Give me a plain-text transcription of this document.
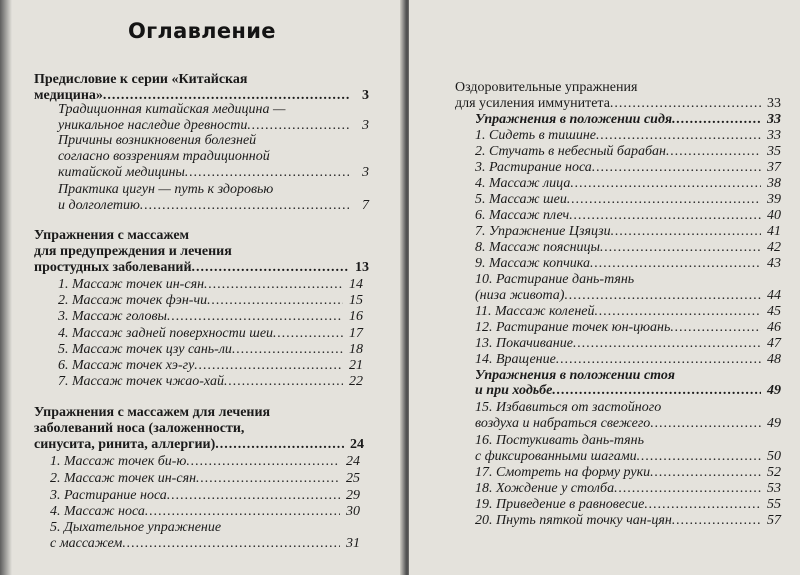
Оглавление
Предисловие к серии «Китайская
медицина» .....	3
Традиционная китайская медицина —
уникальное наследие древности .....	3
Причины возникновения болезней
согласно воззрениям традиционной
китайской медицины .....	3
Практика цигун — путь к здоровью
и долголетию .....	7
Упражнения с массажем
для предупреждения и лечения
простудных заболеваний .....	13
1. Массаж точек ин-сян .....	14
2. Массаж точек фэн-чи .....	15
3. Массаж головы .....	16
4. Массаж задней поверхности шеи .....	17
5. Массаж точек цзу сань-ли .....	18
6. Массаж точек хэ-гу .....	21
7. Массаж точек чжао-хай .....	22
Упражнения с массажем для лечения
заболеваний носа (заложенности,
синусита, ринита, аллергии) .....	24
1. Массаж точек би-ю .....	24
2. Массаж точек ин-сян .....	25
3. Растирание носа .....	29
4. Массаж носа .....	30
5. Дыхательное упражнение
с массажем .....	31
Оздоровительные упражнения
для усиления иммунитета .....	33
Упражнения в положении сидя .....	33
1. Сидеть в тишине .....	33
2. Стучать в небесный барабан .....	35
3. Растирание носа .....	37
4. Массаж лица .....	38
5. Массаж шеи .....	39
6. Массаж плеч .....	40
7. Упражнение Цзяцзи .....	41
8. Массаж поясницы .....	42
9. Массаж копчика .....	43
10. Растирание дань-тянь
(низа живота) .....	44
11. Массаж коленей .....	45
12. Растирание точек юн-цюань .....	46
13. Покачивание .....	47
14. Вращение .....	48
Упражнения в положении стоя
и при ходьбе .....	49
15. Избавиться от застойного
воздуха и набраться свежего .....	49
16. Постукивать дань-тянь
с фиксированными шагами .....	50
17. Смотреть на форму руки .....	52
18. Хождение у столба .....	53
19. Приведение в равновесие .....	55
20. Пнуть пяткой точку чан-цян .....	57
